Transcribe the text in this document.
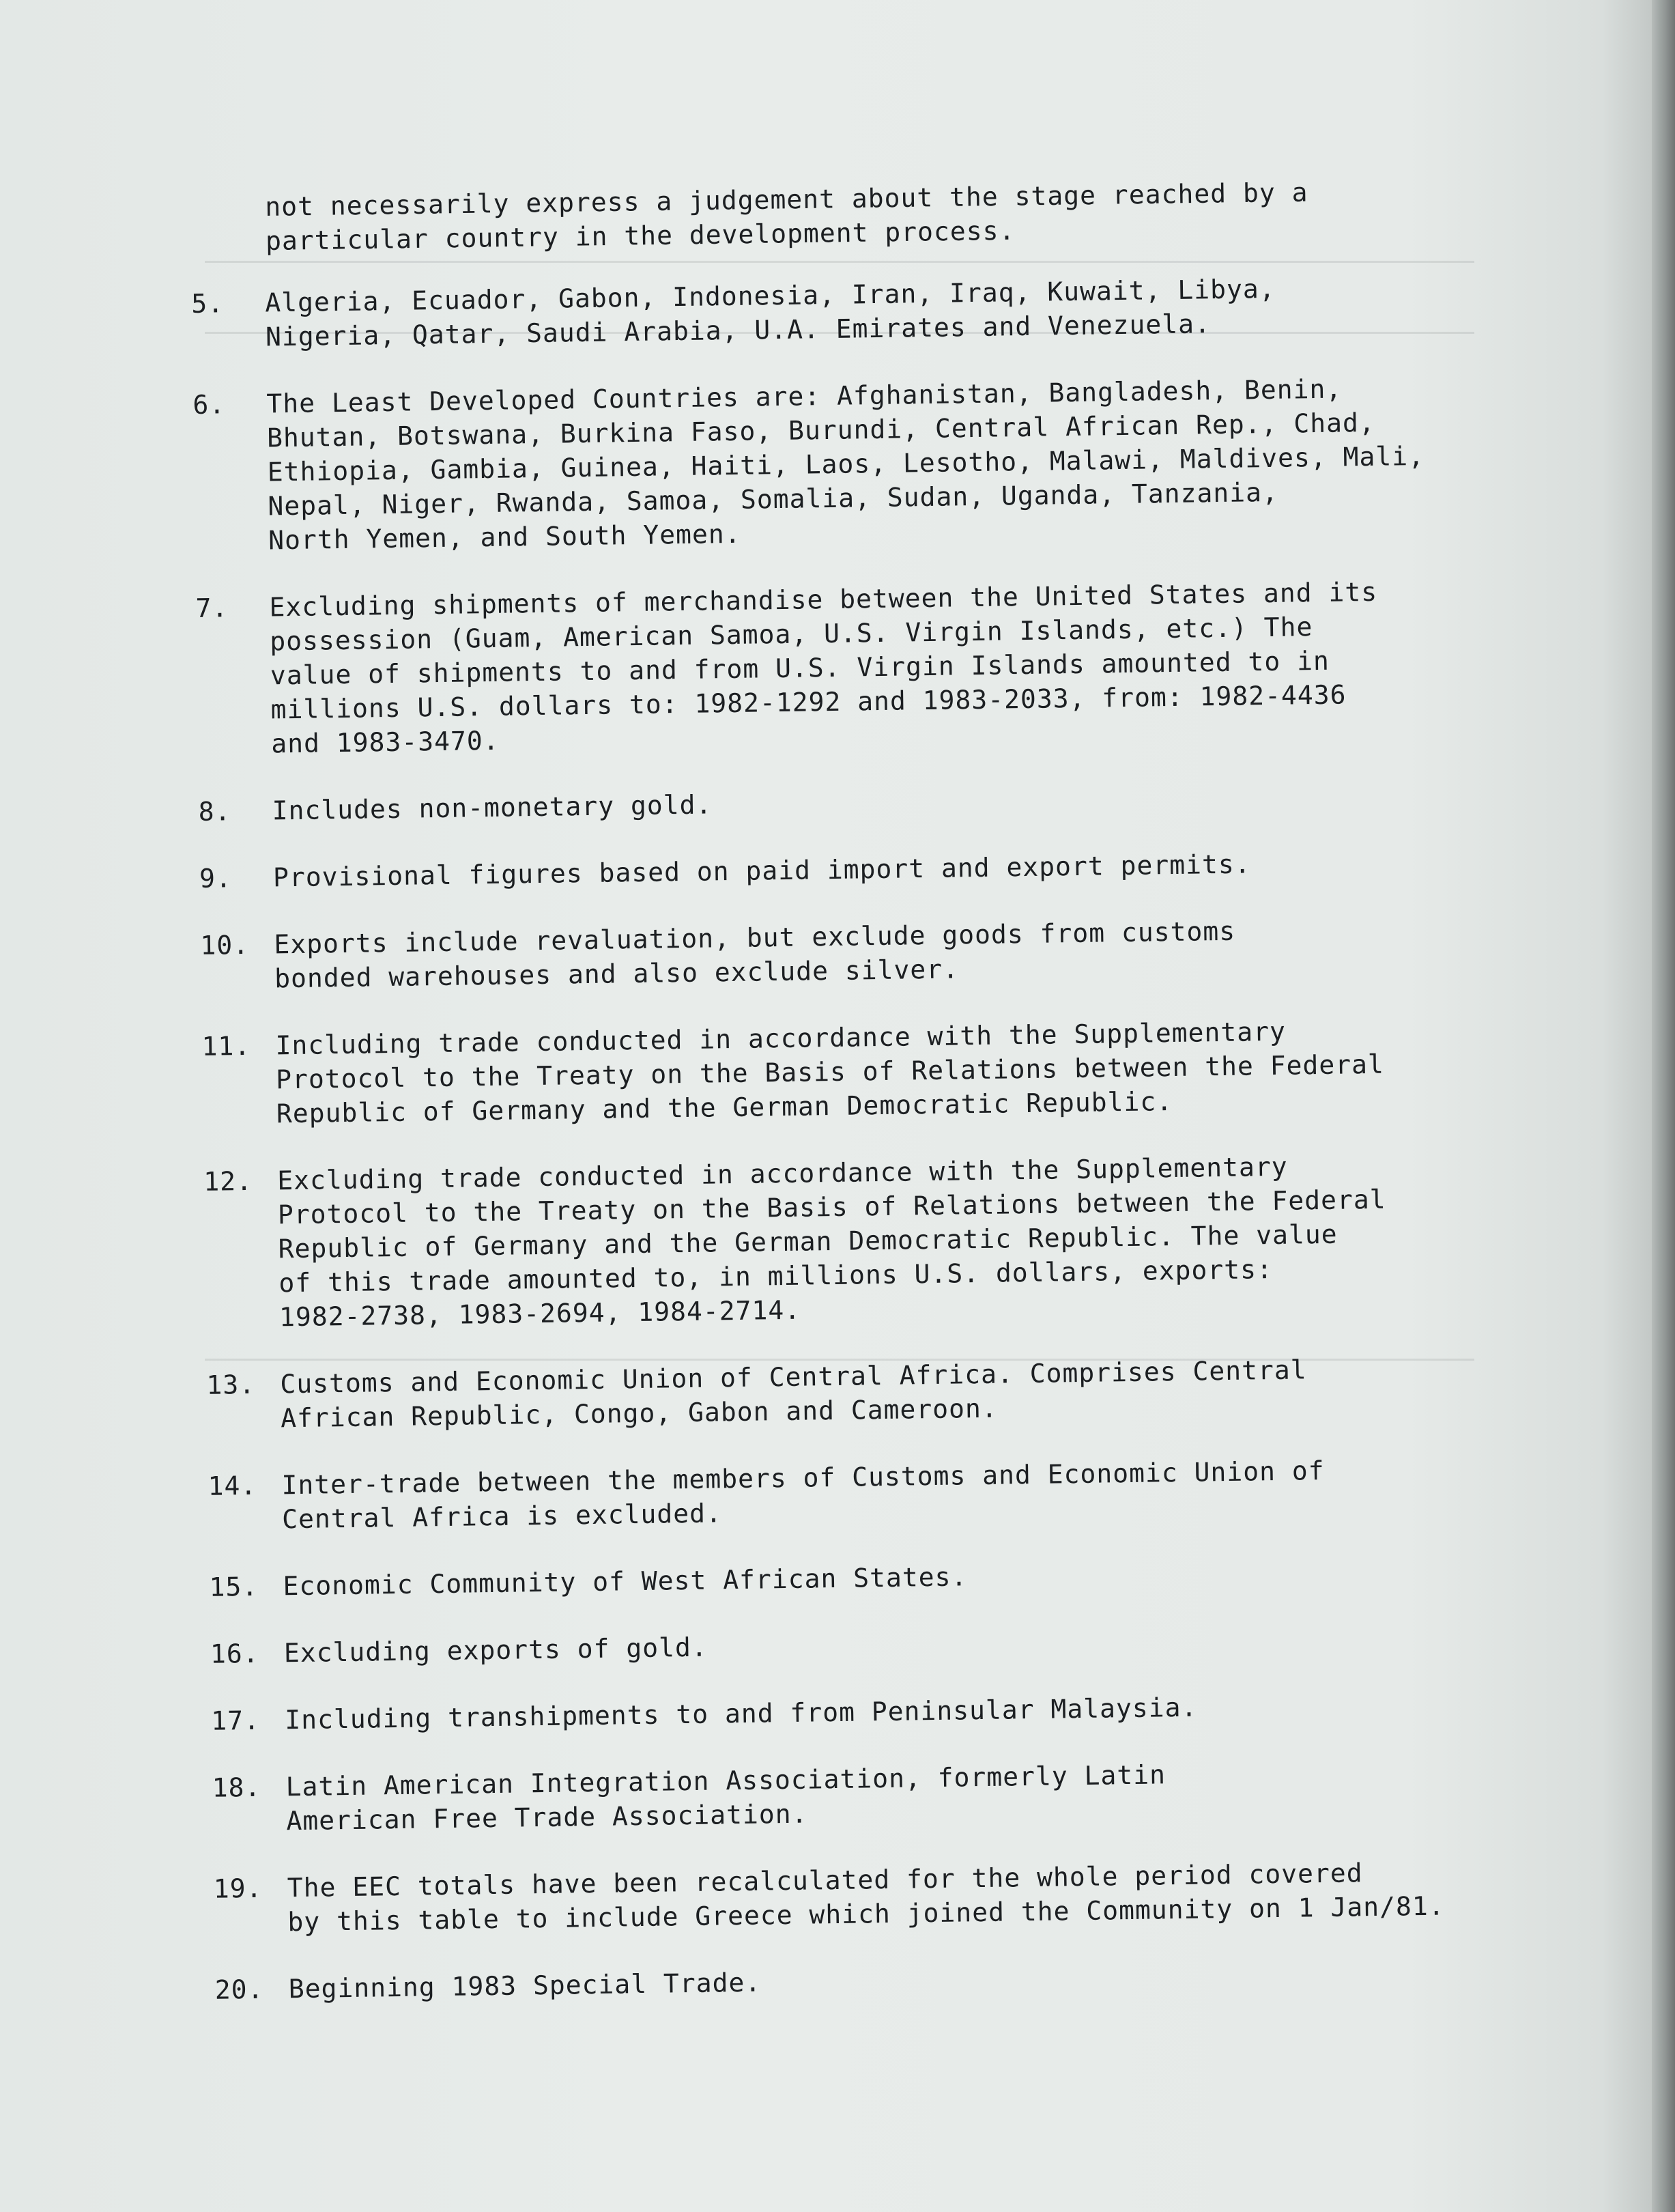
not necessarily express a judgement about the stage reached by a
particular country in the development process.
5.	Algeria, Ecuador, Gabon, Indonesia, Iran, Iraq, Kuwait, Libya,
Nigeria, Qatar, Saudi Arabia, U.A. Emirates and Venezuela.
6.	The Least Developed Countries are: Afghanistan, Bangladesh, Benin,
Bhutan, Botswana, Burkina Faso, Burundi, Central African Rep., Chad,
Ethiopia, Gambia, Guinea, Haiti, Laos, Lesotho, Malawi, Maldives, Mali,
Nepal, Niger, Rwanda, Samoa, Somalia, Sudan, Uganda, Tanzania,
North Yemen, and South Yemen.
7.	Excluding shipments of merchandise between the United States and its
possession (Guam, American Samoa, U.S. Virgin Islands, etc.) The
value of shipments to and from U.S. Virgin Islands amounted to in
millions U.S. dollars to: 1982-1292 and 1983-2033, from: 1982-4436
and 1983-3470.
8.	Includes non-monetary gold.
9.	Provisional figures based on paid import and export permits.
10. Exports include revaluation, but exclude goods from customs
bonded warehouses and also exclude silver.
11. Including trade conducted in accordance with the Supplementary
Protocol to the Treaty on the Basis of Relations between the Federal
Republic of Germany and the German Democratic Republic.
12. Excluding trade conducted in accordance with the Supplementary
Protocol to the Treaty on the Basis of Relations between the Federal
Republic of Germany and the German Democratic Republic. The value
of this trade amounted to, in millions U.S. dollars, exports:
1982-2738, 1983-2694, 1984-2714.
13. Customs and Economic Union of Central Africa. Comprises Central
African Republic, Congo, Gabon and Cameroon.
14. Inter-trade between the members of Customs and Economic Union of
Central Africa is excluded.
15. Economic Community of West African States.
16. Excluding exports of gold.
17. Including transhipments to and from Peninsular Malaysia.
18. Latin American Integration Association, formerly Latin
American Free Trade Association.
19. The EEC totals have been recalculated for the whole period covered
by this table to include Greece which joined the Community on 1 Jan/81.
20. Beginning 1983 Special Trade.
